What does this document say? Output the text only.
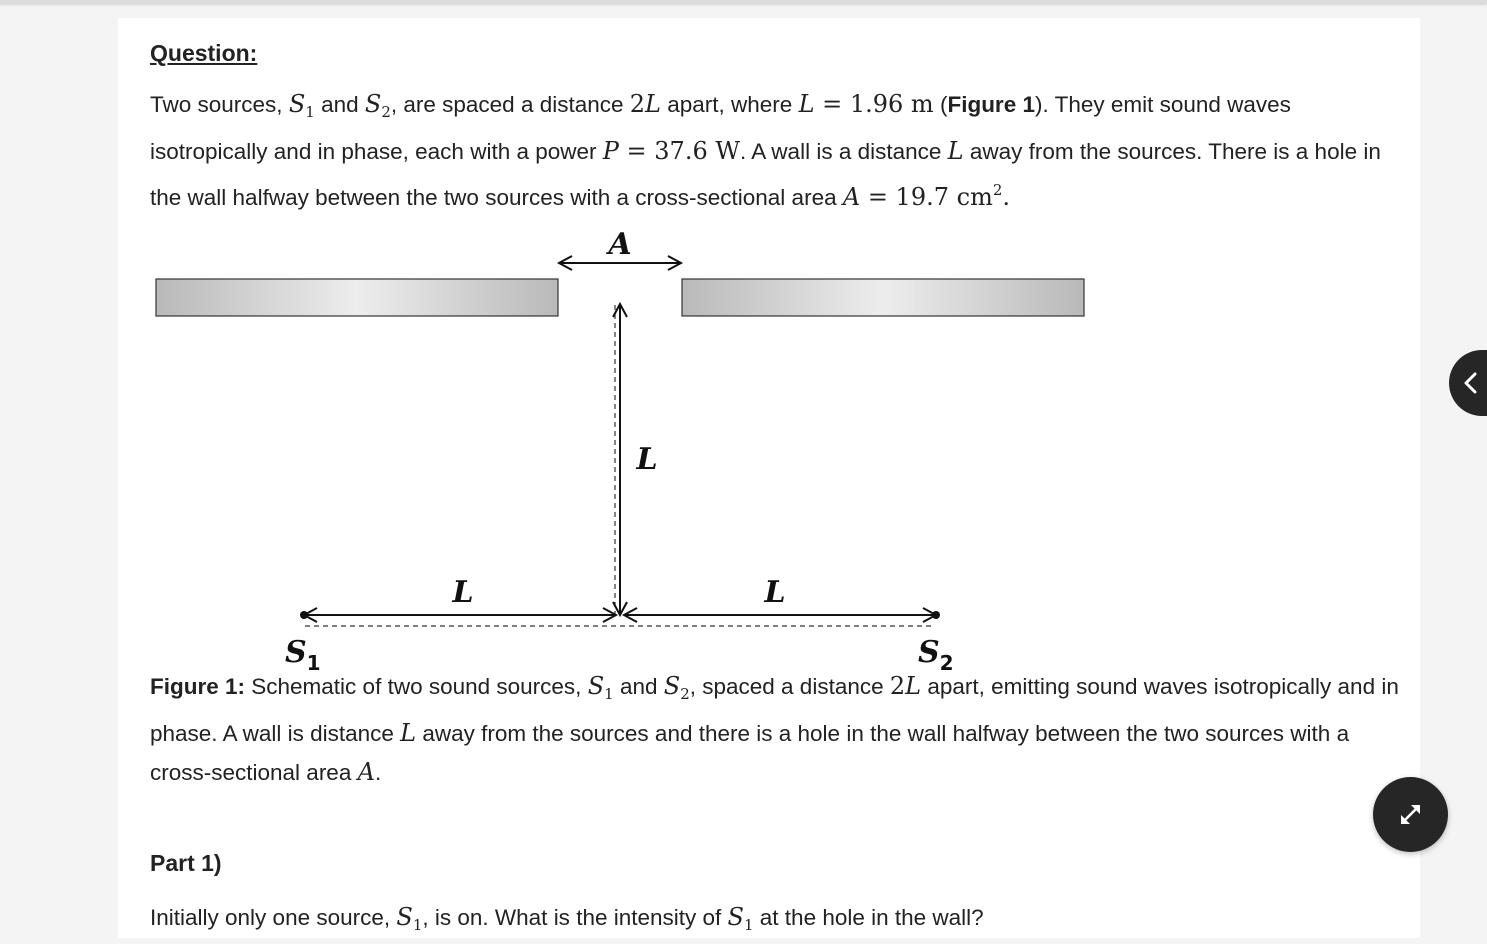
Question:

Two sources, $S_1$ and $S_2$, are spaced a distance 2L apart, where L = 1.96 m (Figure 1). They emit sound waves isotropically and in phase, each with a power P = 37.6 W. A wall is a distance L away from the sources. There is a hole in the wall halfway between the two sources with a cross-sectional area A = 19.7 $cm^2$.

A
L
L	L
$S_1$	$S_2$

Figure 1: Schematic of two sound sources, $S_1$ and $S_2$, spaced a distance 2L apart, emitting sound waves isotropically and in phase. A wall is distance L away from the sources and there is a hole in the wall halfway between the two sources with a cross-sectional area A.

Part 1)

Initially only one source, $S_1$, is on. What is the intensity of $S_1$ at the hole in the wall?
